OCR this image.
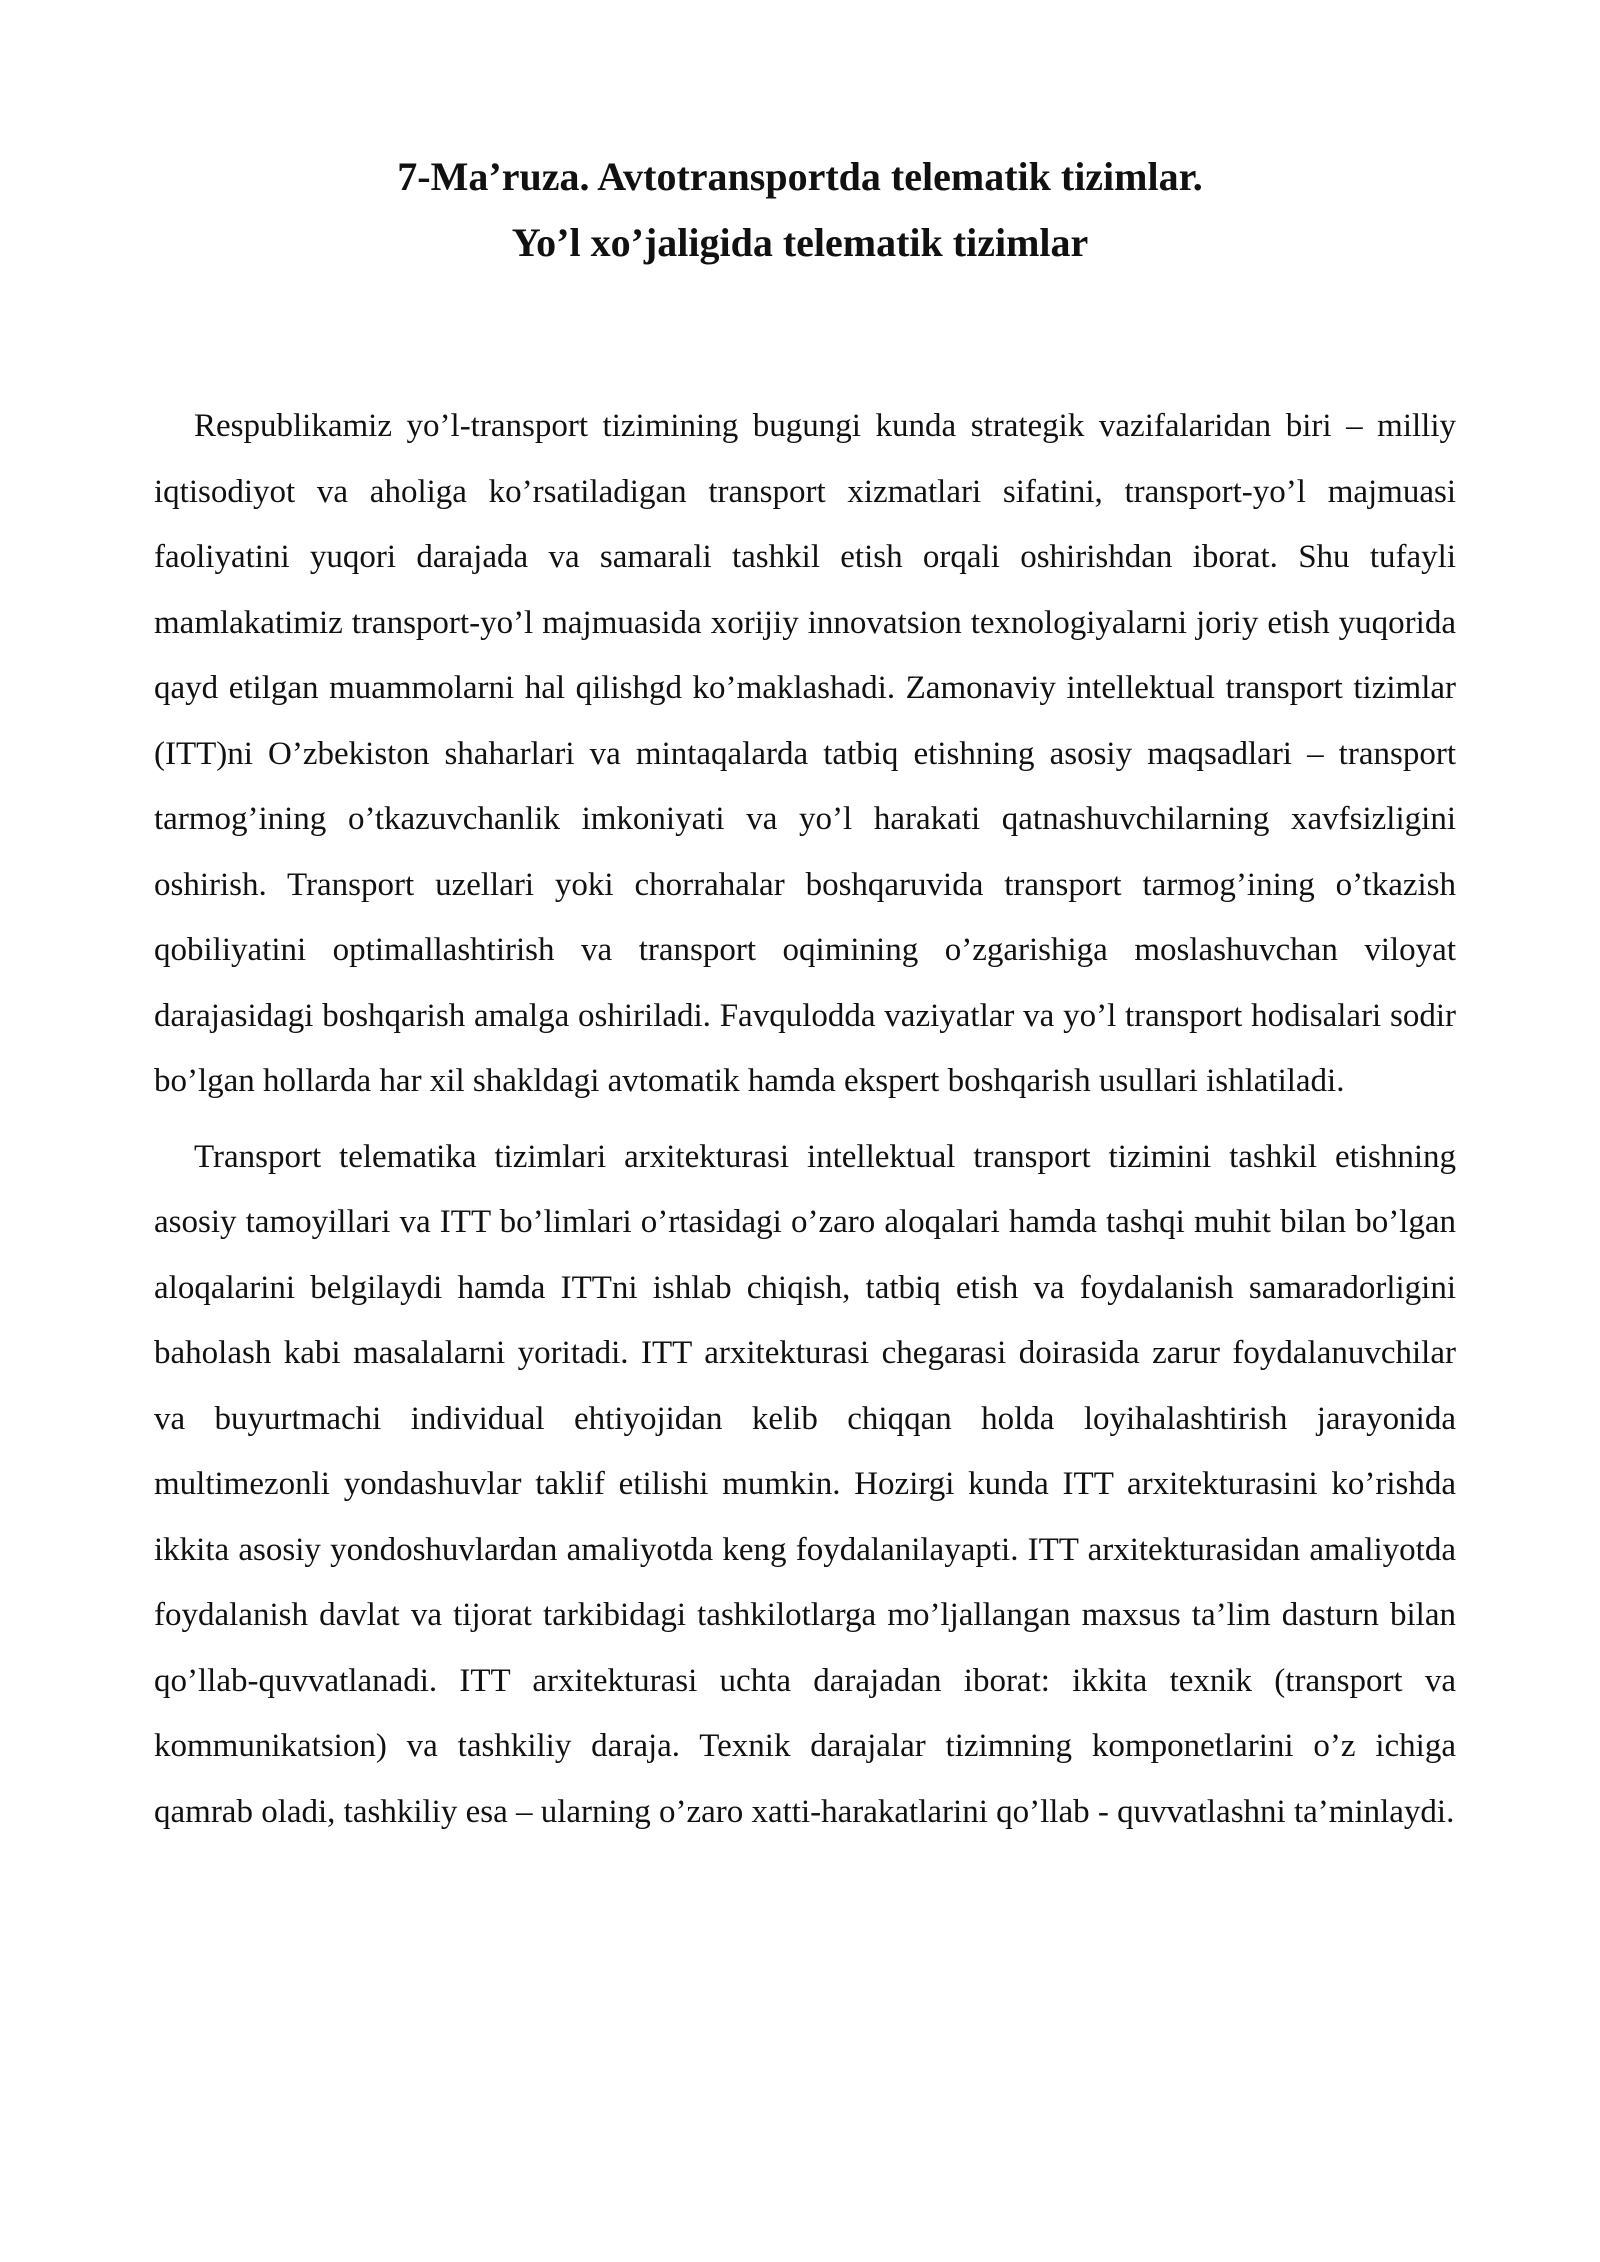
7-Ma’ruza. Avtotransportda telematik tizimlar.
Yo’l xo’jaligida telematik tizimlar

Respublikamiz yo’l-transport tizimining bugungi kunda strategik vazifalaridan biri – milliy iqtisodiyot va aholiga ko’rsatiladigan transport xizmatlari sifatini, transport-yo’l majmuasi faoliyatini yuqori darajada va samarali tashkil etish orqali oshirishdan iborat. Shu tufayli mamlakatimiz transport-yo’l majmuasida xorijiy innovatsion texnologiyalarni joriy etish yuqorida qayd etilgan muammolarni hal qilishgd ko’maklashadi. Zamonaviy intellektual transport tizimlar (ITT)ni O’zbekiston shaharlari va mintaqalarda tatbiq etishning asosiy maqsadlari – transport tarmog’ining o’tkazuvchanlik imkoniyati va yo’l harakati qatnashuvchilarning xavfsizligini oshirish. Transport uzellari yoki chorrahalar boshqaruvida transport tarmog’ining o’tkazish qobiliyatini optimallashtirish va transport oqimining o’zgarishiga moslashuvchan viloyat darajasidagi boshqarish amalga oshiriladi. Favqulodda vaziyatlar va yo’l transport hodisalari sodir bo’lgan hollarda har xil shakldagi avtomatik hamda ekspert boshqarish usullari ishlatiladi.

Transport telematika tizimlari arxitekturasi intellektual transport tizimini tashkil etishning asosiy tamoyillari va ITT bo’limlari o’rtasidagi o’zaro aloqalari hamda tashqi muhit bilan bo’lgan aloqalarini belgilaydi hamda ITTni ishlab chiqish, tatbiq etish va foydalanish samaradorligini baholash kabi masalalarni yoritadi. ITT arxitekturasi chegarasi doirasida zarur foydalanuvchilar va buyurtmachi individual ehtiyojidan kelib chiqqan holda loyihalashtirish jarayonida multimezonli yondashuvlar taklif etilishi mumkin. Hozirgi kunda ITT arxitekturasini ko’rishda ikkita asosiy yondoshuvlardan amaliyotda keng foydalanilayapti. ITT arxitekturasidan amaliyotda foydalanish davlat va tijorat tarkibidagi tashkilotlarga mo’ljallangan maxsus ta’lim dasturn bilan qo’llab-quvvatlanadi. ITT arxitekturasi uchta darajadan iborat: ikkita texnik (transport va kommunikatsion) va tashkiliy daraja. Texnik darajalar tizimning komponetlarini o’z ichiga qamrab oladi, tashkiliy esa – ularning o’zaro xatti-harakatlarini qo’llab - quvvatlashni ta’minlaydi.
